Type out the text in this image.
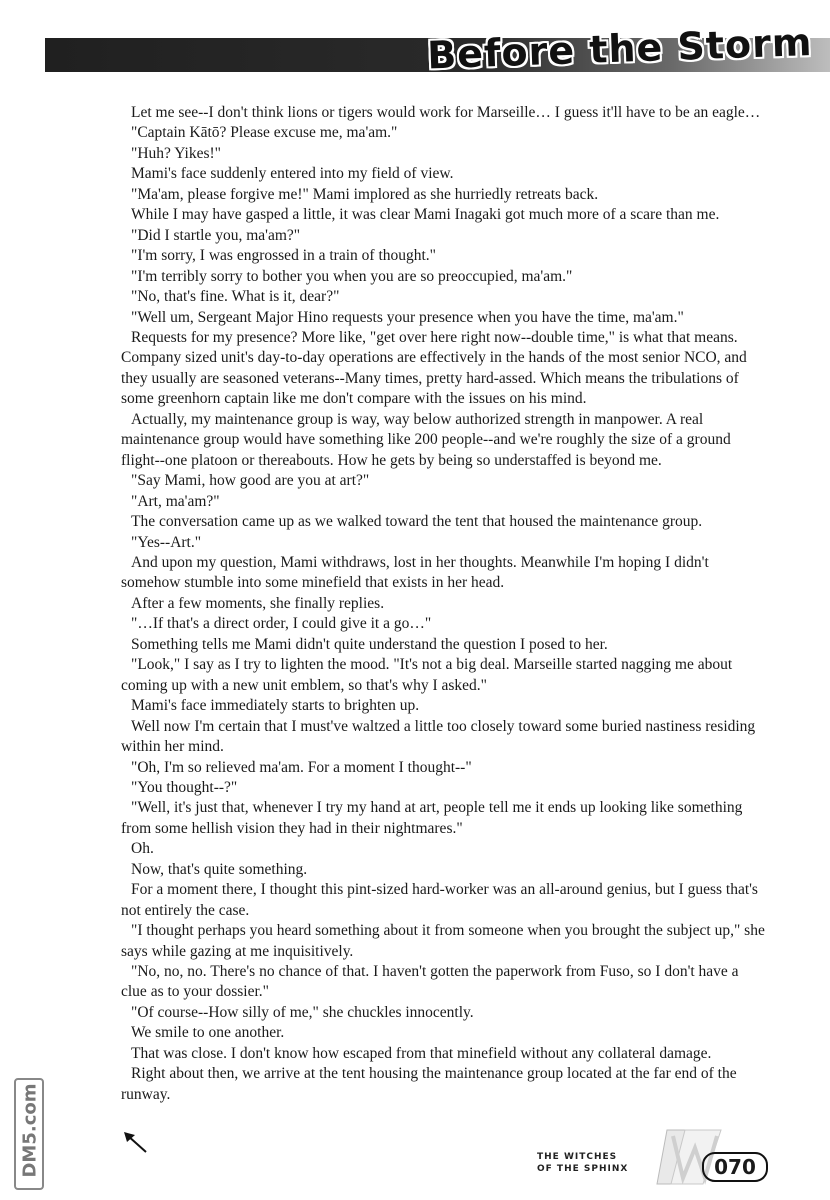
Before the Storm

Let me see--I don't think lions or tigers would work for Marseille… I guess it'll have to be an eagle…

"Captain Kātō? Please excuse me, ma'am."

"Huh? Yikes!"

Mami's face suddenly entered into my field of view.

"Ma'am, please forgive me!" Mami implored as she hurriedly retreats back.

While I may have gasped a little, it was clear Mami Inagaki got much more of a scare than me.

"Did I startle you, ma'am?"

"I'm sorry, I was engrossed in a train of thought."

"I'm terribly sorry to bother you when you are so preoccupied, ma'am."

"No, that's fine. What is it, dear?"

"Well um, Sergeant Major Hino requests your presence when you have the time, ma'am."

Requests for my presence? More like, "get over here right now--double time," is what that means. Company sized unit's day-to-day operations are effectively in the hands of the most senior NCO, and they usually are seasoned veterans--Many times, pretty hard-assed. Which means the tribulations of some greenhorn captain like me don't compare with the issues on his mind.

Actually, my maintenance group is way, way below authorized strength in manpower. A real maintenance group would have something like 200 people--and we're roughly the size of a ground flight--one platoon or thereabouts. How he gets by being so understaffed is beyond me.

"Say Mami, how good are you at art?"

"Art, ma'am?"

The conversation came up as we walked toward the tent that housed the maintenance group.

"Yes--Art."

And upon my question, Mami withdraws, lost in her thoughts. Meanwhile I'm hoping I didn't somehow stumble into some minefield that exists in her head.

After a few moments, she finally replies.

"…If that's a direct order, I could give it a go…"

Something tells me Mami didn't quite understand the question I posed to her.

"Look," I say as I try to lighten the mood. "It's not a big deal. Marseille started nagging me about coming up with a new unit emblem, so that's why I asked."

Mami's face immediately starts to brighten up.

Well now I'm certain that I must've waltzed a little too closely toward some buried nastiness residing within her mind.

"Oh, I'm so relieved ma'am. For a moment I thought--"

"You thought--?"

"Well, it's just that, whenever I try my hand at art, people tell me it ends up looking like something from some hellish vision they had in their nightmares."

Oh.

Now, that's quite something.

For a moment there, I thought this pint-sized hard-worker was an all-around genius, but I guess that's not entirely the case.

"I thought perhaps you heard something about it from someone when you brought the subject up," she says while gazing at me inquisitively.

"No, no, no. There's no chance of that. I haven't gotten the paperwork from Fuso, so I don't have a clue as to your dossier."

"Of course--How silly of me," she chuckles innocently.

We smile to one another.

That was close. I don't know how escaped from that minefield without any collateral damage.

Right about then, we arrive at the tent housing the maintenance group located at the far end of the runway.

DM5.com	THE WITCHES
OF THE SPHINX	070
